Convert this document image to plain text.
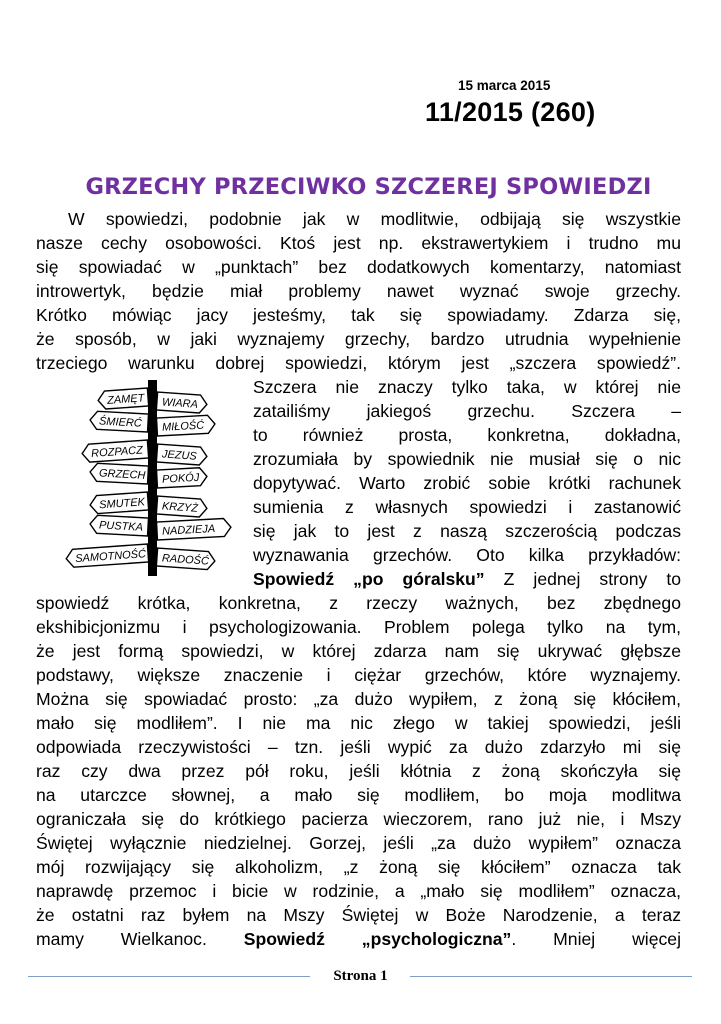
15 marca 2015
11/2015 (260)
GRZECHY PRZECIWKO SZCZEREJ SPOWIEDZI
W spowiedzi, podobnie jak w modlitwie, odbijają się wszystkie
nasze cechy osobowości. Ktoś jest np. ekstrawertykiem i trudno mu
się spowiadać w „punktach” bez dodatkowych komentarzy, natomiast
introwertyk, będzie miał problemy nawet wyznać swoje grzechy.
Krótko mówiąc jacy jesteśmy, tak się spowiadamy. Zdarza się,
że sposób, w jaki wyznajemy grzechy, bardzo utrudnia wypełnienie
trzeciego warunku dobrej spowiedzi, którym jest „szczera spowiedź”.
ZAMĘT WIARA
ŚMIERĆ MIŁOŚĆ
ROZPACZ JEZUS
GRZECH POKÓJ
SMUTEK KRZYŻ
PUSTKA NADZIEJA
SAMOTNOŚĆ RADOŚĆ
Szczera nie znaczy tylko taka, w której nie
zatailiśmy jakiegoś grzechu. Szczera –
to również prosta, konkretna, dokładna,
zrozumiała by spowiednik nie musiał się o nic
dopytywać. Warto zrobić sobie krótki rachunek
sumienia z własnych spowiedzi i zastanowić
się jak to jest z naszą szczerością podczas
wyznawania grzechów. Oto kilka przykładów:
Spowiedź „po góralsku” Z jednej strony to
spowiedź krótka, konkretna, z rzeczy ważnych, bez zbędnego
ekshibicjonizmu i psychologizowania. Problem polega tylko na tym,
że jest formą spowiedzi, w której zdarza nam się ukrywać głębsze
podstawy, większe znaczenie i ciężar grzechów, które wyznajemy.
Można się spowiadać prosto: „za dużo wypiłem, z żoną się kłóciłem,
mało się modliłem”. I nie ma nic złego w takiej spowiedzi, jeśli
odpowiada rzeczywistości – tzn. jeśli wypić za dużo zdarzyło mi się
raz czy dwa przez pół roku, jeśli kłótnia z żoną skończyła się
na utarczce słownej, a mało się modliłem, bo moja modlitwa
ograniczała się do krótkiego pacierza wieczorem, rano już nie, i Mszy
Świętej wyłącznie niedzielnej. Gorzej, jeśli „za dużo wypiłem” oznacza
mój rozwijający się alkoholizm, „z żoną się kłóciłem” oznacza tak
naprawdę przemoc i bicie w rodzinie, a „mało się modliłem” oznacza,
że ostatni raz byłem na Mszy Świętej w Boże Narodzenie, a teraz
mamy Wielkanoc. Spowiedź „psychologiczna”. Mniej więcej
Strona 1
